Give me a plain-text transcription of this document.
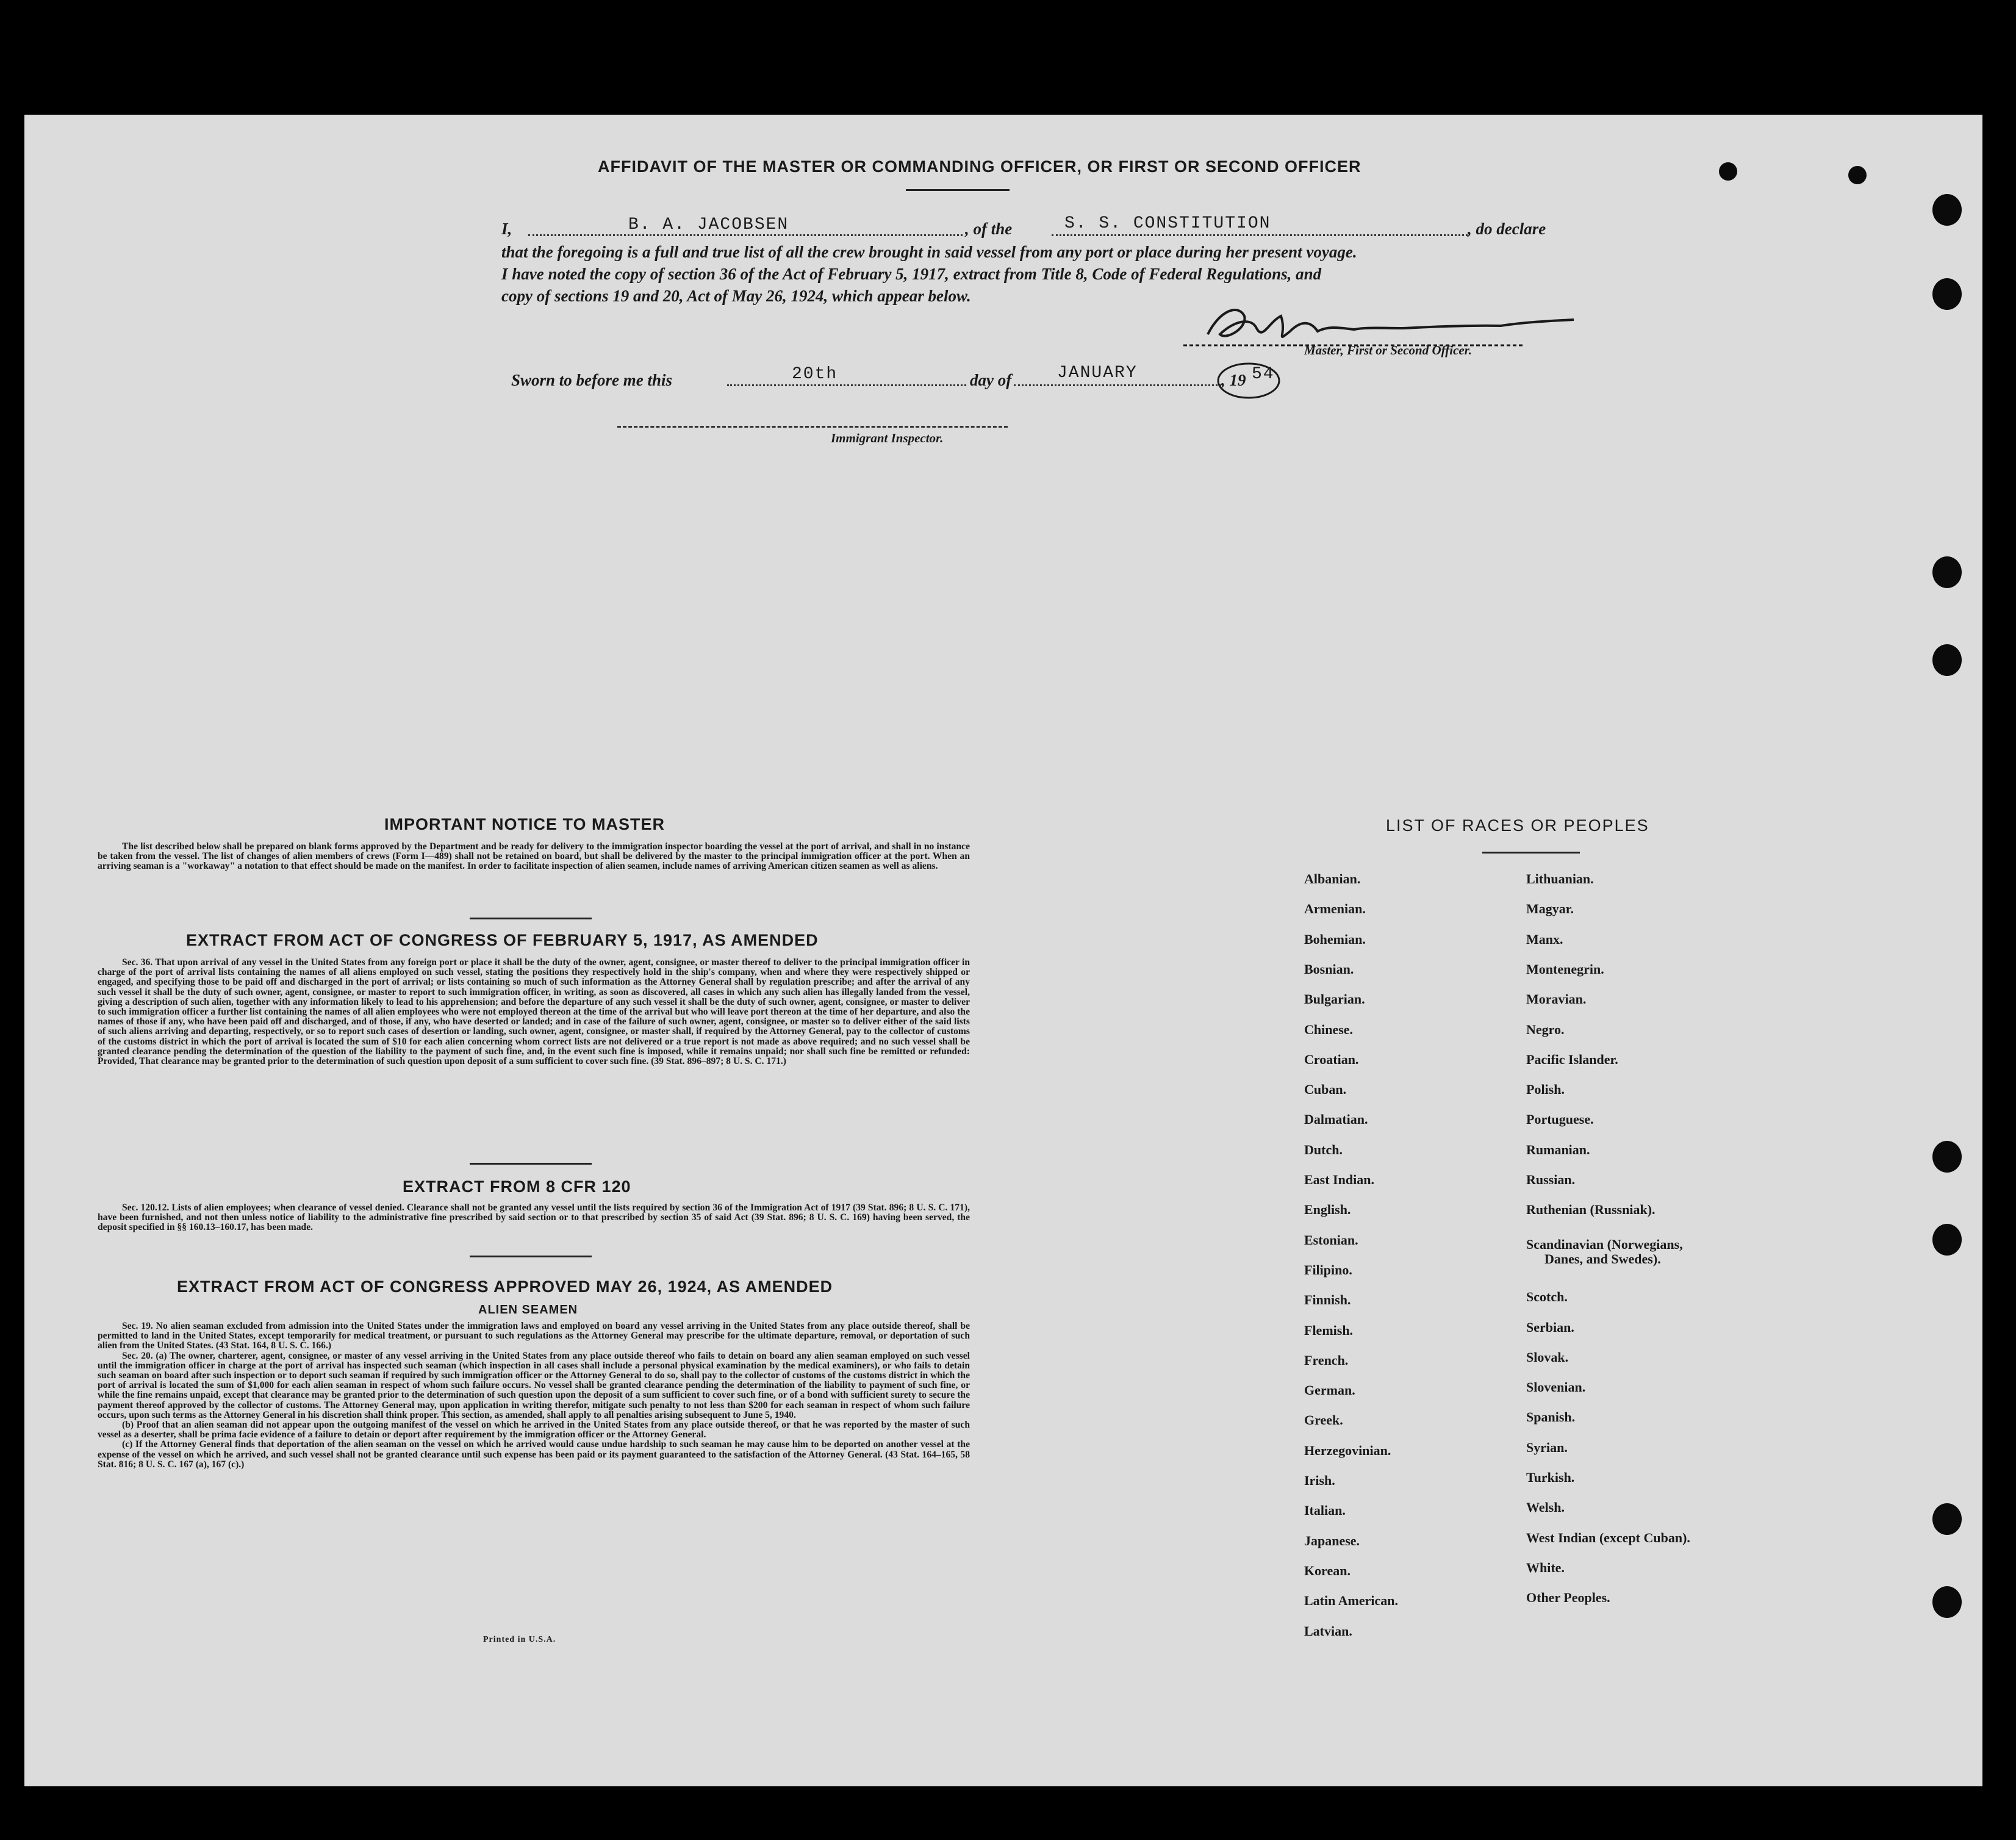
AFFIDAVIT OF THE MASTER OR COMMANDING OFFICER, OR FIRST OR SECOND OFFICER
I,	B. A. JACOBSEN	, of the	S. S. CONSTITUTION	, do declare
that the foregoing is a full and true list of all the crew brought in said vessel from any port or place during her present voyage.
I have noted the copy of section 36 of the Act of February 5, 1917, extract from Title 8, Code of Federal Regulations, and
copy of sections 19 and 20, Act of May 26, 1924, which appear below.
Master, First or Second Officer.
Sworn to before me this	20th	day of	JANUARY	, 19 54
Immigrant Inspector.
IMPORTANT NOTICE TO MASTER

The list described below shall be prepared on blank forms approved by the Department and be ready for delivery to the immigration inspector boarding the vessel at the port of arrival, and shall in no instance be taken from the vessel. The list of changes of alien members of crews (Form I—489) shall not be retained on board, but shall be delivered by the master to the principal immigration officer at the port. When an arriving seaman is a "workaway" a notation to that effect should be made on the manifest. In order to facilitate inspection of alien seamen, include names of arriving American citizen seamen as well as aliens.

EXTRACT FROM ACT OF CONGRESS OF FEBRUARY 5, 1917, AS AMENDED

Sec. 36. That upon arrival of any vessel in the United States from any foreign port or place it shall be the duty of the owner, agent, consignee, or master thereof to deliver to the principal immigration officer in charge of the port of arrival lists containing the names of all aliens employed on such vessel, stating the positions they respectively hold in the ship's company, when and where they were respectively shipped or engaged, and specifying those to be paid off and discharged in the port of arrival; or lists containing so much of such information as the Attorney General shall by regulation prescribe; and after the arrival of any such vessel it shall be the duty of such owner, agent, consignee, or master to report to such immigration officer, in writing, as soon as discovered, all cases in which any such alien has illegally landed from the vessel, giving a description of such alien, together with any information likely to lead to his apprehension; and before the departure of any such vessel it shall be the duty of such owner, agent, consignee, or master to deliver to such immigration officer a further list containing the names of all alien employees who were not employed thereon at the time of the arrival but who will leave port thereon at the time of her departure, and also the names of those if any, who have been paid off and discharged, and of those, if any, who have deserted or landed; and in case of the failure of such owner, agent, consignee, or master so to deliver either of the said lists of such aliens arriving and departing, respectively, or so to report such cases of desertion or landing, such owner, agent, consignee, or master shall, if required by the Attorney General, pay to the collector of customs of the customs district in which the port of arrival is located the sum of $10 for each alien concerning whom correct lists are not delivered or a true report is not made as above required; and no such vessel shall be granted clearance pending the determination of the question of the liability to the payment of such fine, and, in the event such fine is imposed, while it remains unpaid; nor shall such fine be remitted or refunded: Provided, That clearance may be granted prior to the determination of such question upon deposit of a sum sufficient to cover such fine. (39 Stat. 896–897; 8 U. S. C. 171.)

EXTRACT FROM 8 CFR 120

Sec. 120.12. Lists of alien employees; when clearance of vessel denied. Clearance shall not be granted any vessel until the lists required by section 36 of the Immigration Act of 1917 (39 Stat. 896; 8 U. S. C. 171), have been furnished, and not then unless notice of liability to the administrative fine prescribed by said section or to that prescribed by section 35 of said Act (39 Stat. 896; 8 U. S. C. 169) having been served, the deposit specified in §§ 160.13–160.17, has been made.

EXTRACT FROM ACT OF CONGRESS APPROVED MAY 26, 1924, AS AMENDED
ALIEN SEAMEN

Sec. 19. No alien seaman excluded from admission into the United States under the immigration laws and employed on board any vessel arriving in the United States from any place outside thereof, shall be permitted to land in the United States, except temporarily for medical treatment, or pursuant to such regulations as the Attorney General may prescribe for the ultimate departure, removal, or deportation of such alien from the United States. (43 Stat. 164, 8 U. S. C. 166.)

Sec. 20. (a) The owner, charterer, agent, consignee, or master of any vessel arriving in the United States from any place outside thereof who fails to detain on board any alien seaman employed on such vessel until the immigration officer in charge at the port of arrival has inspected such seaman (which inspection in all cases shall include a personal physical examination by the medical examiners), or who fails to detain such seaman on board after such inspection or to deport such seaman if required by such immigration officer or the Attorney General to do so, shall pay to the collector of customs of the customs district in which the port of arrival is located the sum of $1,000 for each alien seaman in respect of whom such failure occurs. No vessel shall be granted clearance pending the determination of the liability to payment of such fine, or while the fine remains unpaid, except that clearance may be granted prior to the determination of such question upon the deposit of a sum sufficient to cover such fine, or of a bond with sufficient surety to secure the payment thereof approved by the collector of customs. The Attorney General may, upon application in writing therefor, mitigate such penalty to not less than $200 for each seaman in respect of whom such failure occurs, upon such terms as the Attorney General in his discretion shall think proper. This section, as amended, shall apply to all penalties arising subsequent to June 5, 1940.

(b) Proof that an alien seaman did not appear upon the outgoing manifest of the vessel on which he arrived in the United States from any place outside thereof, or that he was reported by the master of such vessel as a deserter, shall be prima facie evidence of a failure to detain or deport after requirement by the immigration officer or the Attorney General.

(c) If the Attorney General finds that deportation of the alien seaman on the vessel on which he arrived would cause undue hardship to such seaman he may cause him to be deported on another vessel at the expense of the vessel on which he arrived, and such vessel shall not be granted clearance until such expense has been paid or its payment guaranteed to the satisfaction of the Attorney General. (43 Stat. 164–165, 58 Stat. 816; 8 U. S. C. 167 (a), 167 (c).)

Printed in U.S.A.
LIST OF RACES OR PEOPLES
Albanian.
Armenian.
Bohemian.
Bosnian.
Bulgarian.
Chinese.
Croatian.
Cuban.
Dalmatian.
Dutch.
East Indian.
English.
Estonian.
Filipino.
Finnish.
Flemish.
French.
German.
Greek.
Herzegovinian.
Irish.
Italian.
Japanese.
Korean.
Latin American.
Latvian.
Lithuanian.
Magyar.
Manx.
Montenegrin.
Moravian.
Negro.
Pacific Islander.
Polish.
Portuguese.
Rumanian.
Russian.
Ruthenian (Russniak).
Scandinavian (Norwegians,
Danes, and Swedes).
Scotch.
Serbian.
Slovak.
Slovenian.
Spanish.
Syrian.
Turkish.
Welsh.
West Indian (except Cuban).
White.
Other Peoples.
